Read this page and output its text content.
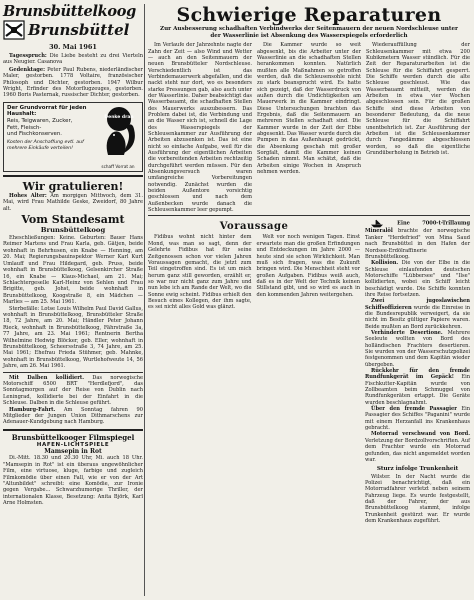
Brunsbüttelkoog
Brunsbüttel
30. Mai 1961
Tagesspruch: Die Liebe besteht zu drei Vierteln aus Neugier. Casanova
Gedenktage: Peter Paul Rubens, niederländischer Maler, gestorben. 1778 Voltaire, französischer Philosoph und Dichter, gestorben. 1947 Wilbur Wright, Erfinder des Motorflugzeuges, gestorben. 1960 Boris Pasternak, russischer Dichter, gestorben.
Der Grundvorrat für jeden Haushalt:
Reis, Teigwaren, Zucker,
Fett, Fleisch-
und Fischkonserven.
Kosten der Anschaffung evtl. auf mehrere Einkäufe verteilen!
Denke dran
schaff Vorrat an
Wir gratulieren!
Hohes Alter: Am morgigen Mittwoch, dem 31. Mai, wird Frau Mathilde Geske, Zweidorf, 80 Jahre alt.
Vom Standesamt
Brunsbüttelkoog
Eheschließungen: Keine. Geburten: Bauer Hans Reimer Martens und Frau Karla, geb. Gätjen, beide wohnhaft in Behrhusen, ein Knabe — Henning, am 20. Mai; Regierungsbauinspektor Werner Karl Kurt Umlauff und Frau Hildegard, geb. Pruss, beide wohnhaft in Brunsbüttelkoog, Gelsenkircher Straße 16, ein Knabe — Klaus-Michael, am 21. Mai; Schlachtergeselle Karl-Heinz von Sehlen und Frau Brigitte, geb. Johst, beide wohnhaft in Brunsbüttelkoog, Koogstraße 8, ein Mädchen — Marlies — am 25. Mai 1961.
Sterbefälle: Lotse Louis Wilhelm Paul David Gallus, wohnhaft in Brunsbüttelkoog, Brunsbütteler Straße 18, 72 Jahre, am 20. Mai; Händler Peter Johann Rieck, wohnhaft in Brunsbüttelkoog, Fährstraße 3a, 77 Jahre, am 23. Mai 1961; Rentnerin Bertha Wilhelmine Hedwig Blöcker, geb. Eller, wohnhaft in Brunsbüttelkoog, Scheersstraße 3, 74 Jahre, am 25. Mai 1961; Ehefrau Frieda Stühmer, geb. Mahnke, wohnhaft in Brunsbüttelkoog, Wurtlehofweute 14, 56 Jahre, am 26. Mai 1961.
Mit Dalben kollidiert. Das norwegische Motorschiff 6500 BRT "Herdlefjord", das Sonntagmorgen auf der Reise von Dublin nach Leningrad, kollidierte bei der Einfahrt in die Schleuse. Dalben in die Schleuse geführt.
Hamburg-Fahrt. Am Sonntag fahren 90 Mitglieder der Jungen Union Dithmarschens zur Adenauer-Kundgebung nach Hamburg.
Brunsbüttelkooger Filmspiegel
HAFEN-LICHTSPIELE
Mamsepin in Rot
Di.-Mitt. 18.30 und 20.30 Uhr, Mi. auch 18 Uhr. "Mamsepin in Rot" ist ein überaus ungewöhnlicher Film, eine virtuose, kluge, farbige und zugleich Filmkomödie über einen Fall, wie er von der Art "Altunbildet" schreibt: eine Komödie, zur Ironie gegen Vergabe... Schwarzhumorige Thriller, der internationalen Klasse, Besetzung: Anita Björk, Karl Arne Holmsten.
Schwierige Reparaturen
Zur Ausbesserung schadhaften Verbindwerks der Seitenmauern der neuen Nordschleuse unter der Wasserlinie ist Absenkung des Wasserspiegels erforderlich

Im Verlaufe der Jahrzehnte nagte der Zahn der Zeit — also Wind und Wetter — auch an den Seitenmauern der neuen Brunsbütteler Nordschleuse. Verschiedentlich ist das Verbindemauerwerk abgefallen, und die nackt steht nur dort, wo es besonders starke Pressungen gab, also auch unter der Wasserlinie. Daher beabsichtigt das Wasserbauamt, die schadhaften Stellen des Mauerwerks auszubessern. Das Problem dabei ist, die Verbindung und an die Wasser sich ist, schnell die Lage des Wasserspiegels der Schleusenkammer zur Ausführung der Arbeiten abzusenken ist. Das ist eine nicht so einfache Aufgabe, weil für die Ausführung der eigentlichen Arbeiten die vorbereitenden Arbeiten rechtzeitig durchgeführt werden müssen. Für den Absenkungsversuch waren umfangreiche Vorbereitungen notwendig. Zunächst wurden die beiden Außentore vorsichtig geschlossen und nach dem Außenbecken wurde danach die Schleusenkammer leer gepumpt.

Die Kammer wurde so weit abgesenkt, bis die Arbeiter unter der Wasserlinie an die schadhaften Stellen herankommen konnten. Natürlich mußten alle Maßnahmen so getroffen werden, daß die Schleusensohle nicht zu stark beansprucht wird. Es hatte sich gezeigt, daß der Wasserdruck von außen durch die Undichtigkeiten am Mauerwerk in die Kammer eindringt. Diese Untersuchungen brachten das Ergebnis, daß die Seitenmauern an mehreren Stellen schadhaft sind. Die Kammer wurde in der Zeit der Ebbe abgesenkt. Das Wasser wurde durch die Pumpen in das Außenhaupt gedrückt, die Absenkung geschah mit großer Sorgfalt, damit die Kammer keinen Schaden nimmt. Man schätzt, daß die Arbeiten einige Wochen in Anspruch nehmen werden.

Wiederauffüllung der Schleusenkammer mit etwa 200 Kubikmetern Wasser stündlich. Für die Zeit der Reparaturarbeiten ist die Schleuse für die Schiffahrt gesperrt. Die Schiffe werden durch die alte Schleuse geschleust. Wie das Wasserbauamt mitteilt, werden die Arbeiten in etwa vier Wochen abgeschlossen sein. Für die großen Schiffe sind diese Arbeiten von besonderer Bedeutung, da die neue Schleuse für die Schiffahrt unentbehrlich ist. Zur Ausführung der Arbeiten ist die Schleusenkammer durch Fangedämme abgeschlossen worden, so daß die eigentliche Grundüberholung in Betrieb ist.

Voraussage

Fidibus wohnt nicht hinter dem Mond, was man so sagt, denn der Gelehrte Fidibus hat für seine Zeitgenossen schon vor vielen Jahren Voraussagen gemacht, die jetzt zum Teil eingetroffen sind. Es ist um mich herum ganz still geworden, erzählt er, so war nur nicht ganz zum Jahre und nun lebe ich am Rande der Welt, wo die Sonne ewig scheint. Fidibus erhielt den Besuch eines Kollegen, der ihm sagte, es sei nicht alles Gold was glänzt.

Welt vor noch wenigen Tagen. Einst erwartete man die großen Erfindungen und Entdeckungen im Jahre 2000 — heute sind sie schon Wirklichkeit. Man muß sich fragen, was die Zukunft bringen wird. Die Menschheit steht vor großen Aufgaben. Fidibus weiß auch, daß es in der Welt der Technik keinen Stillstand gibt, und so wird es auch in den kommenden Jahren weitergehen.

Eine 7000-t-Trillaumg Mineralöl brachte der norwegische Tanker "Herdefried" von Mina Saud nach Brunsbüttel in den Hafen der Nordsee-Erdölraffinerie Brunsbüttelkoog.

Kollision. Die von der Elbe in die Schleuse einlaufenden deutschen Motorschiffe "Lübbersee" und "Ilse" kollidierten, wobei ein Schiff leicht beschädigt wurde. Die Schiffe konnten ihre Reise fortsetzen.

Zwei jugoslawischen Schiffsoffizieren wurde die Einreise in die Bundesrepublik verweigert, da sie nicht im Besitz gültiger Papiere waren. Beide mußten an Bord zurückkehren.

Verhinderte Desertione. Mehrere Seeleute wollten von Bord des holländischen Frachters desertieren. Sie wurden von der Wasserschutzpolizei festgenommen und dem Kapitän wieder übergeben.

Rückkehr für den fremde Rundfunkgerät im Gepäck! Ein Fischkutter-Kapitän wurde von Zollbeamten beim Schmuggel von Rundfunkgeräten ertappt. Die Geräte wurden beschlagnahmt.

Über den fremde Passagier Ein Passagier des Schiffes "Paganini" wurde mit einem Herzanfall ins Krankenhaus gebracht.

Motorrad verschwand von Bord. Verletzung der Bordzollvorschriften. Auf dem Frachter wurde ein Motorrad gefunden, das nicht angemeldet worden war.

Sturz infolge Trunkenheit

Wilster. In der Nacht wurde die Polizei benachrichtigt, daß ein Motorradfahrer verletzt neben seinem Fahrzeug liege. Es wurde festgestellt, daß der Fahrer, der aus Brunsbüttelkoog stammt, infolge Trunkenheit gestürzt war. Er wurde dem Krankenhaus zugeführt.
